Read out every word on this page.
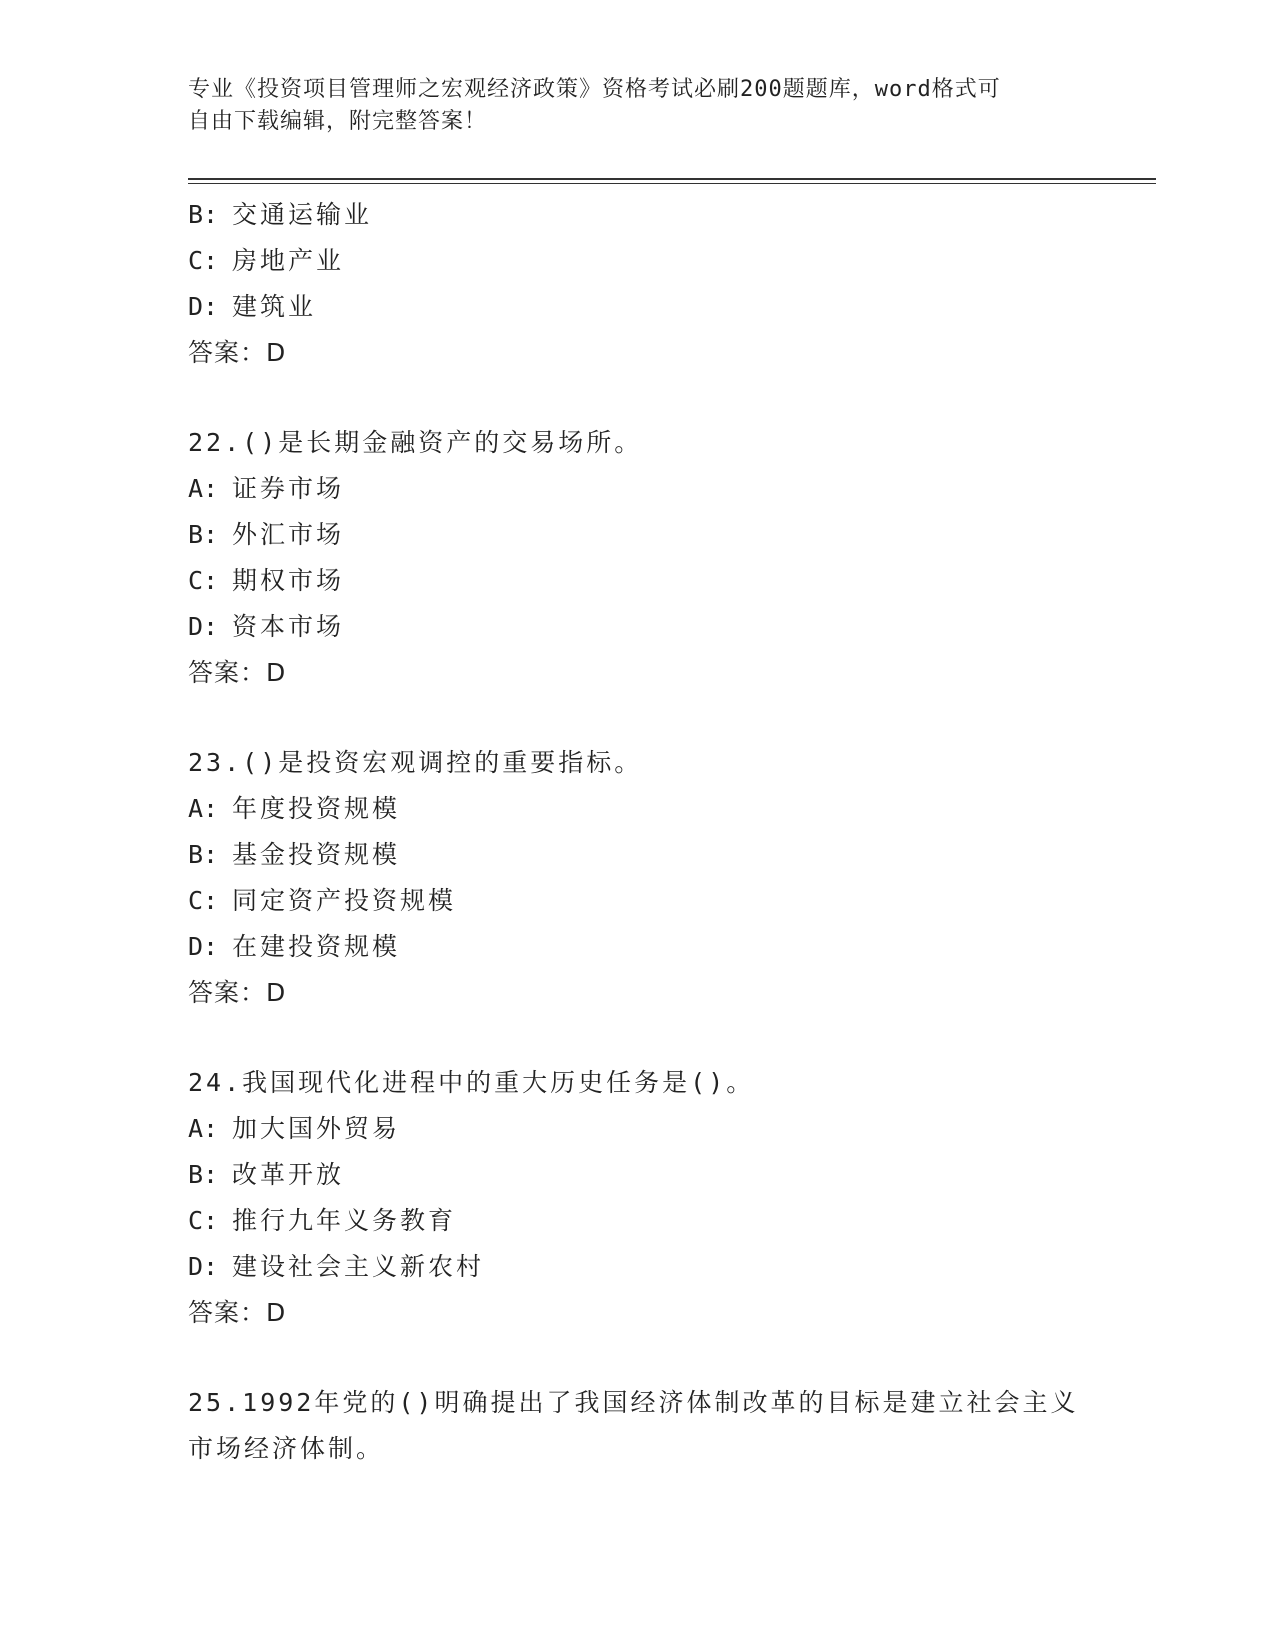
专业《投资项目管理师之宏观经济政策》资格考试必刷200题题库，word格式可
自由下载编辑，附完整答案！
B: 交通运输业
C: 房地产业
D: 建筑业
答案：D
22.()是长期金融资产的交易场所。
A: 证券市场
B: 外汇市场
C: 期权市场
D: 资本市场
答案：D
23.()是投资宏观调控的重要指标。
A: 年度投资规模
B: 基金投资规模
C: 同定资产投资规模
D: 在建投资规模
答案：D
24.我国现代化进程中的重大历史任务是()。
A: 加大国外贸易
B: 改革开放
C: 推行九年义务教育
D: 建设社会主义新农村
答案：D
25.1992年党的()明确提出了我国经济体制改革的目标是建立社会主义市场经济体制。
